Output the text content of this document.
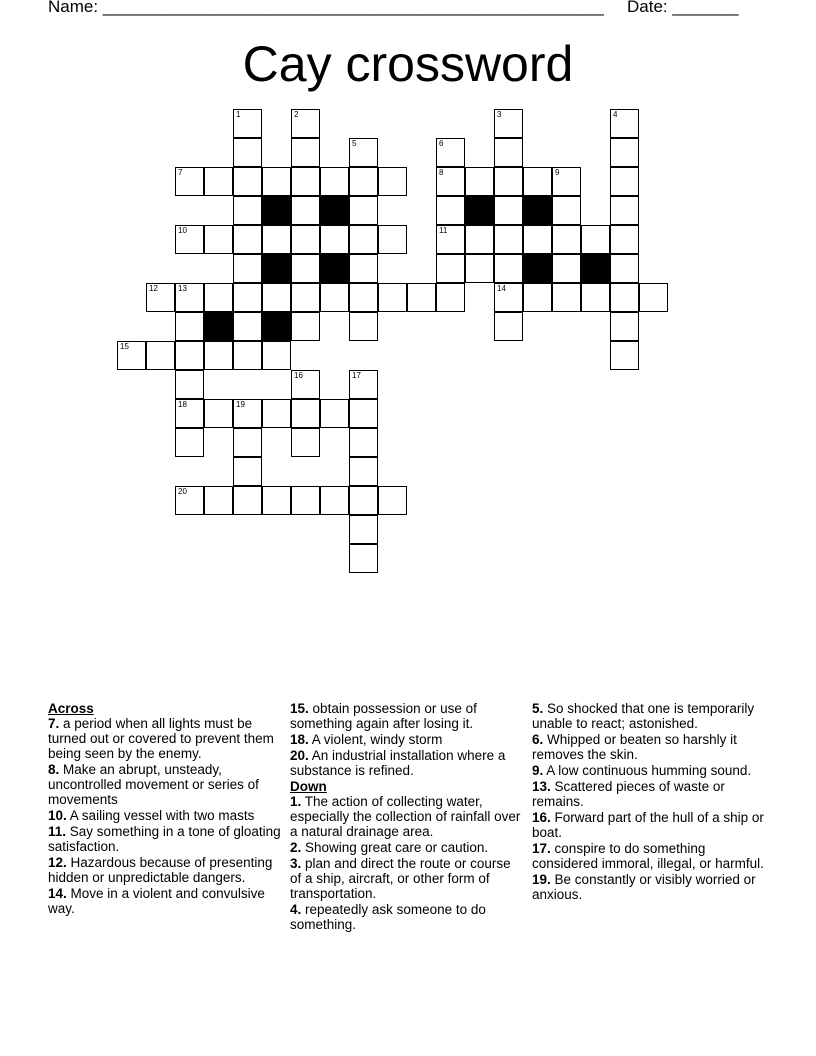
Name: _____________________________________________________ Date: _______
Cay crossword
1	2	3	4
5	6
7	8	9
10	11
12	13	14
15
16	17
18	19
20
Across
7. a period when all lights must be turned out or covered to prevent them being seen by the enemy.
8. Make an abrupt, unsteady, uncontrolled movement or series of movements
10. A sailing vessel with two masts
11. Say something in a tone of gloating satisfaction.
12. Hazardous because of presenting hidden or unpredictable dangers.
14. Move in a violent and convulsive way.
15. obtain possession or use of something again after losing it.
18. A violent, windy storm
20. An industrial installation where a substance is refined.
Down
1. The action of collecting water, especially the collection of rainfall over a natural drainage area.
2. Showing great care or caution.
3. plan and direct the route or course of a ship, aircraft, or other form of transportation.
4. repeatedly ask someone to do something.
5. So shocked that one is temporarily unable to react; astonished.
6. Whipped or beaten so harshly it removes the skin.
9. A low continuous humming sound.
13. Scattered pieces of waste or remains.
16. Forward part of the hull of a ship or boat.
17. conspire to do something considered immoral, illegal, or harmful.
19. Be constantly or visibly worried or anxious.
